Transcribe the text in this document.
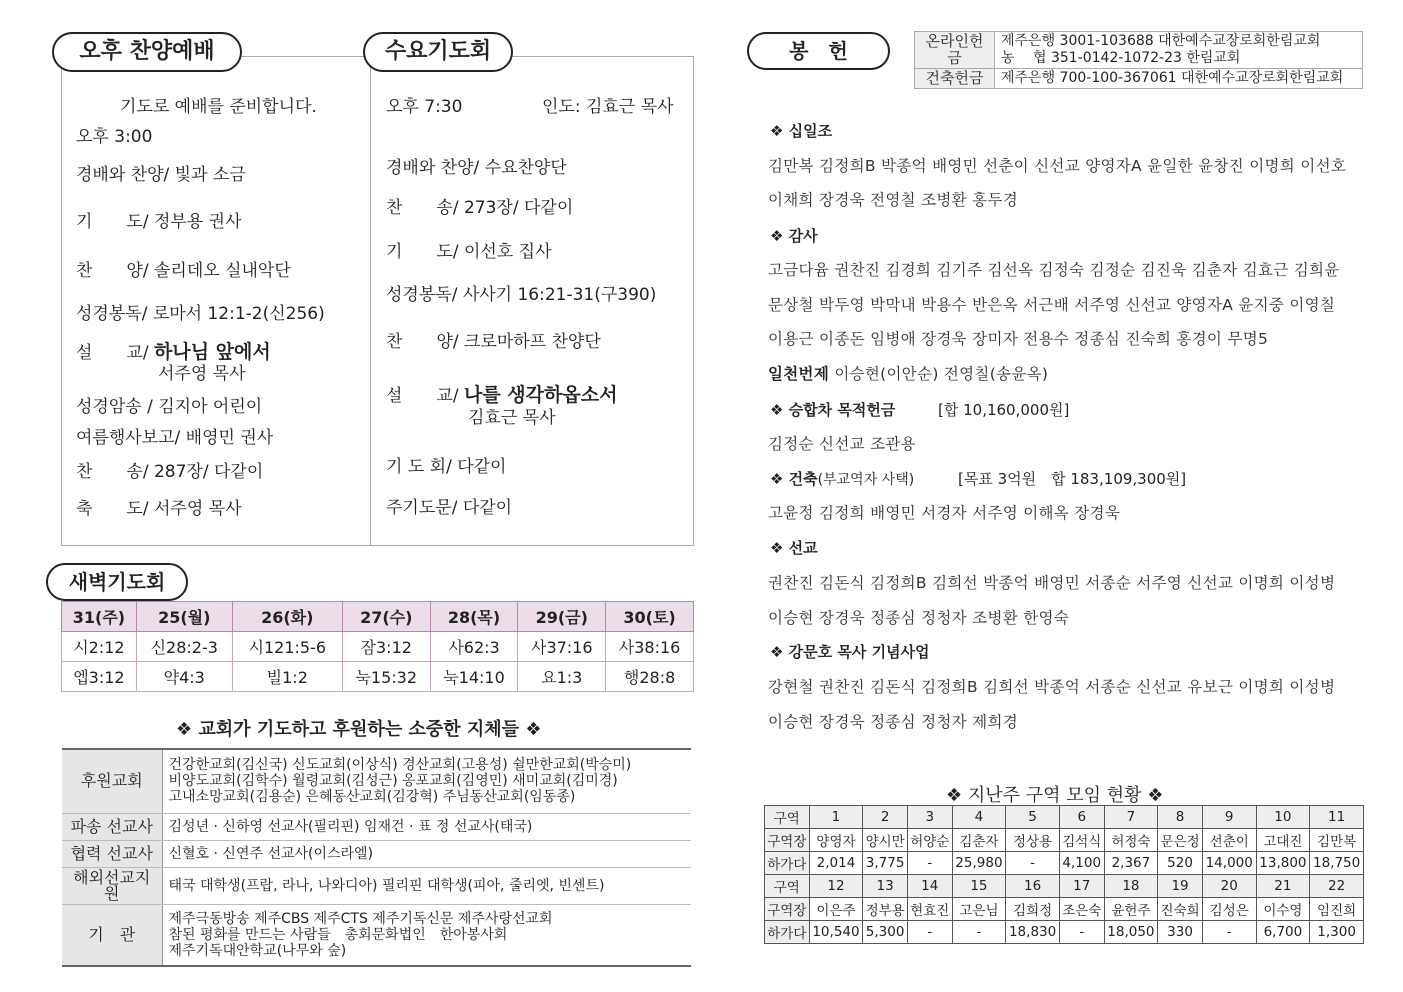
오후 찬양예배	수요기도회
기도로 예배를 준비합니다.
오후 3:00
경배와 찬양/ 빛과 소금
기　　도/ 정부용 권사
찬　　양/ 솔리데오 실내악단
성경봉독/ 로마서 12:1-2(신256)
설　　교/ 하나님 앞에서
서주영 목사
성경암송 / 김지아 어린이
여름행사보고/ 배영민 권사
찬　　송/ 287장/ 다같이
축　　도/ 서주영 목사
오후 7:30	인도: 김효근 목사
경배와 찬양/ 수요찬양단
찬　　송/ 273장/ 다같이
기　　도/ 이선호 집사
성경봉독/ 사사기 16:21-31(구390)
찬　　양/ 크로마하프 찬양단
설　　교/ 나를 생각하옵소서
김효근 목사
기 도 회/ 다같이
주기도문/ 다같이
새벽기도회
31(주)	25(월)	26(화)	27(수)	28(목)	29(금)	30(토)
시2:12	신28:2-3	시121:5-6	잠3:12	사62:3	사37:16	사38:16
엡3:12	약4:3	빌1:2	눅15:32	눅14:10	요1:3	행28:8
❖ 교회가 기도하고 후원하는 소중한 지체들 ❖
후원교회	건강한교회(김신국) 신도교회(이상식) 경산교회(고용성) 쉴만한교회(박승미)
비양도교회(김학수) 월령교회(김성근) 옹포교회(김영민) 새미교회(김미경)
고내소망교회(김용순) 은혜동산교회(김강혁) 주님동산교회(임동종)

파송 선교사	김성년 · 신하영 선교사(필리핀) 임재건 · 표 정 선교사(태국)
협력 선교사	신혈호 · 신연주 선교사(이스라엘)
해외선교지원	태국 대학생(프랍, 라나, 나와디아) 필리핀 대학생(피아, 줄리엣, 빈센트)
기　관	제주극동방송 제주CBS 제주CTS 제주기독신문 제주사랑선교회
참된 평화를 만드는 사람들　총회문화법인　한아봉사회
제주기독대안학교(나무와 숲)
봉　헌	온라인헌금	제주은행 3001-103688 대한예수교장로회한림교회
농　 협 351-0142-1072-23 한림교회

건축헌금	제주은행 700-100-367061 대한예수교장로회한림교회
❖ 십일조
김만복 김정희B 박종억 배영민 선춘이 신선교 양영자A 윤일한 윤창진 이명희 이선호
이채희 장경욱 전영칠 조병환 홍두경
❖ 감사
고금다윰 권찬진 김경희 김기주 김선옥 김정숙 김정순 김진욱 김춘자 김효근 김희윤
문상철 박두영 박막내 박용수 반은옥 서근배 서주영 신선교 양영자A 윤지중 이영칠
이용근 이종돈 임병애 장경욱 장미자 전용수 정종심 진숙희 홍경이 무명5
일천번제 이승현(이안순) 전영칠(송윤옥)
❖ 승합차 목적헌금	[합 10,160,000원]
김정순 신선교 조관용
❖ 건축(부교역자 사택)	[목표 3억원　합 183,109,300원]
고윤정 김정희 배영민 서경자 서주영 이해옥 장경욱
❖ 선교
권찬진 김돈식 김정희B 김희선 박종억 배영민 서종순 서주영 신선교 이명희 이성병
이승현 장경욱 정종심 정청자 조병환 한영숙
❖ 강문호 목사 기념사업
강현철 권찬진 김돈식 김정희B 김희선 박종억 서종순 신선교 유보근 이명희 이성병
이승현 장경욱 정종심 정청자 제희경
❖ 지난주 구역 모임 현황 ❖
구역	1	2	3	4	5	6	7	8	9	10	11
구역장	양영자	양시만	허양순	김춘자	정상용	김석식	허정숙	문은정	선춘이	고대진	김만복
하가다	2,014	3,775	-	25,980	-	4,100	2,367	520	14,000	13,800	18,750
구역	12	13	14	15	16	17	18	19	20	21	22
구역장	이은주	정부용	현효진	고은님	김희정	조은숙	윤헌주	진숙희	김성은	이수영	임진희
하가다	10,540	5,300	-	-	18,830	-	18,050	330	-	6,700	1,300
